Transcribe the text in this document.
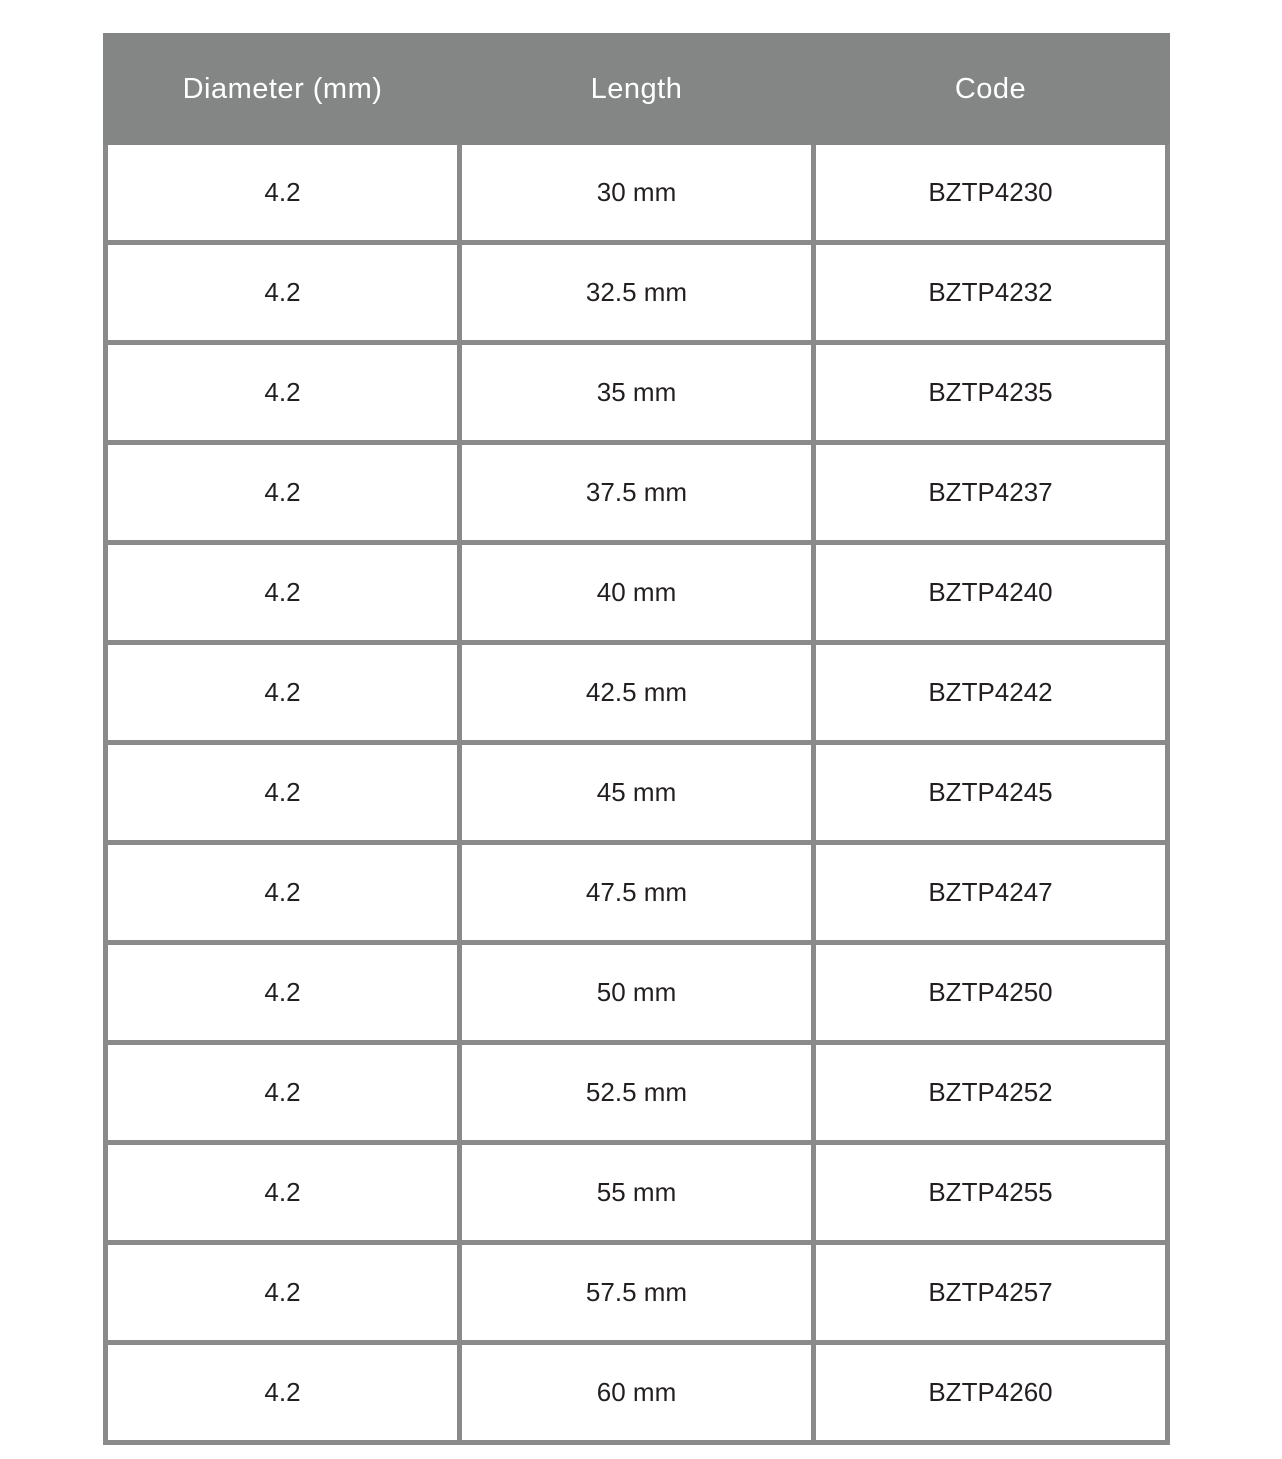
Diameter (mm)	Length	Code
4.2	30 mm	BZTP4230
4.2	32.5 mm	BZTP4232
4.2	35 mm	BZTP4235
4.2	37.5 mm	BZTP4237
4.2	40 mm	BZTP4240
4.2	42.5 mm	BZTP4242
4.2	45 mm	BZTP4245
4.2	47.5 mm	BZTP4247
4.2	50 mm	BZTP4250
4.2	52.5 mm	BZTP4252
4.2	55 mm	BZTP4255
4.2	57.5 mm	BZTP4257
4.2	60 mm	BZTP4260
